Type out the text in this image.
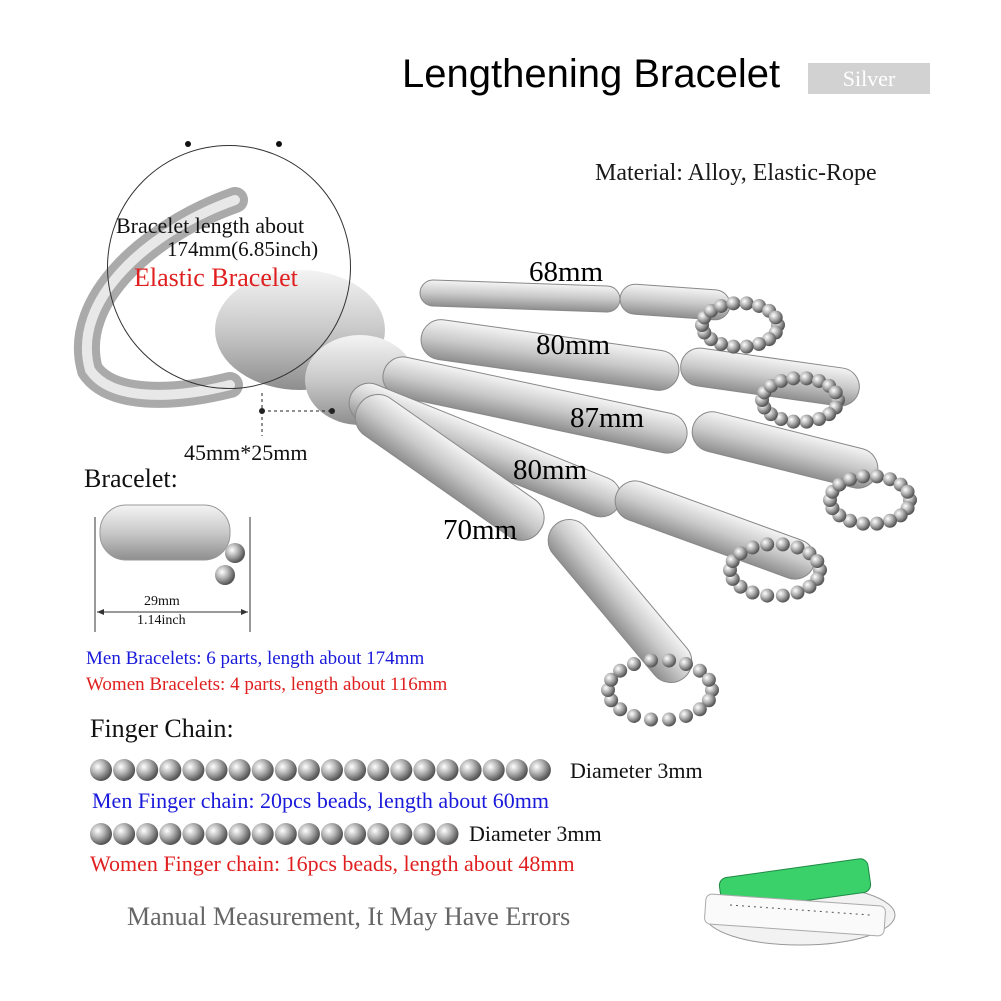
Lengthening Bracelet	Silver
Material: Alloy, Elastic-Rope
Bracelet length about
174mm(6.85inch)
Elastic Bracelet	68mm
80mm
87mm
80mm
70mm
45mm*25mm
Bracelet:
29mm
1.14inch
Men Bracelets: 6 parts, length about 174mm
Women Bracelets: 4 parts, length about 116mm
Finger Chain:
Diameter 3mm
Men Finger chain: 20pcs beads, length about 60mm
Diameter 3mm
Women Finger chain: 16pcs beads, length about 48mm
Manual Measurement, It May Have Errors
